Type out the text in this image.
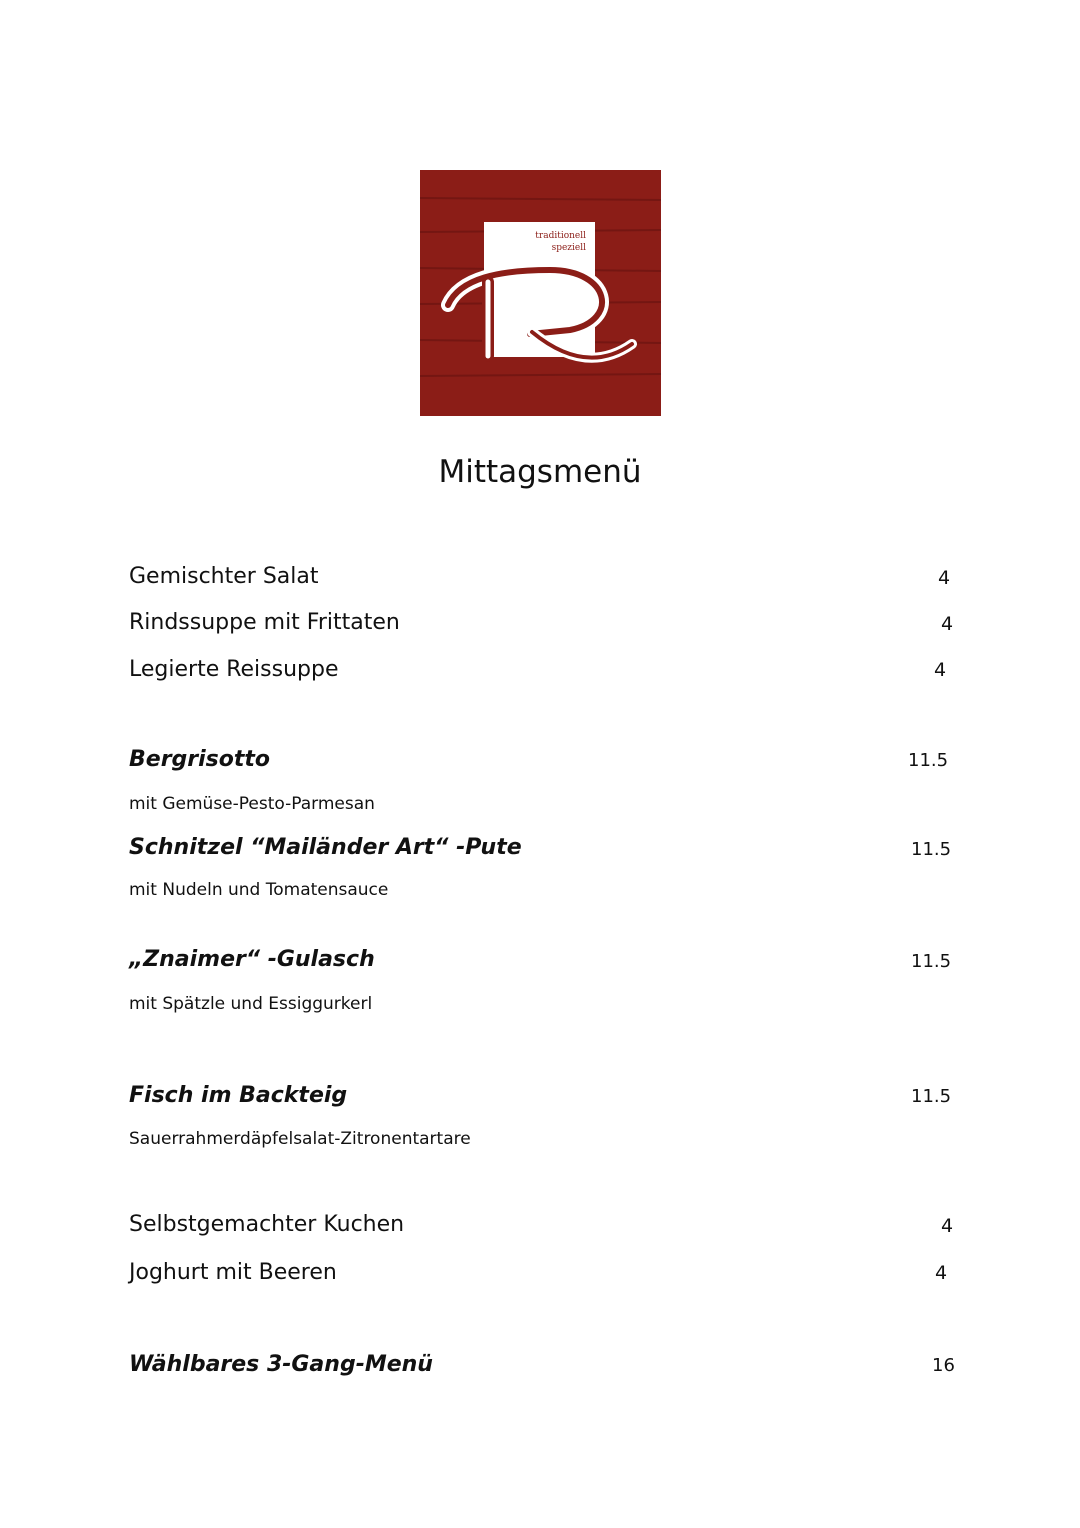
traditionell
speziell
Mittagsmenü
Gemischter Salat	4
Rindssuppe mit Frittaten	4
Legierte Reissuppe	4
Bergrisotto	11.5
mit Gemüse-Pesto-Parmesan
Schnitzel “Mailänder Art“ -Pute	11.5
mit Nudeln und Tomatensauce
„Znaimer“ -Gulasch	11.5
mit Spätzle und Essiggurkerl
Fisch im Backteig	11.5
Sauerrahmerdäpfelsalat-Zitronentartare
Selbstgemachter Kuchen	4
Joghurt mit Beeren	4
Wählbares 3-Gang-Menü	16
